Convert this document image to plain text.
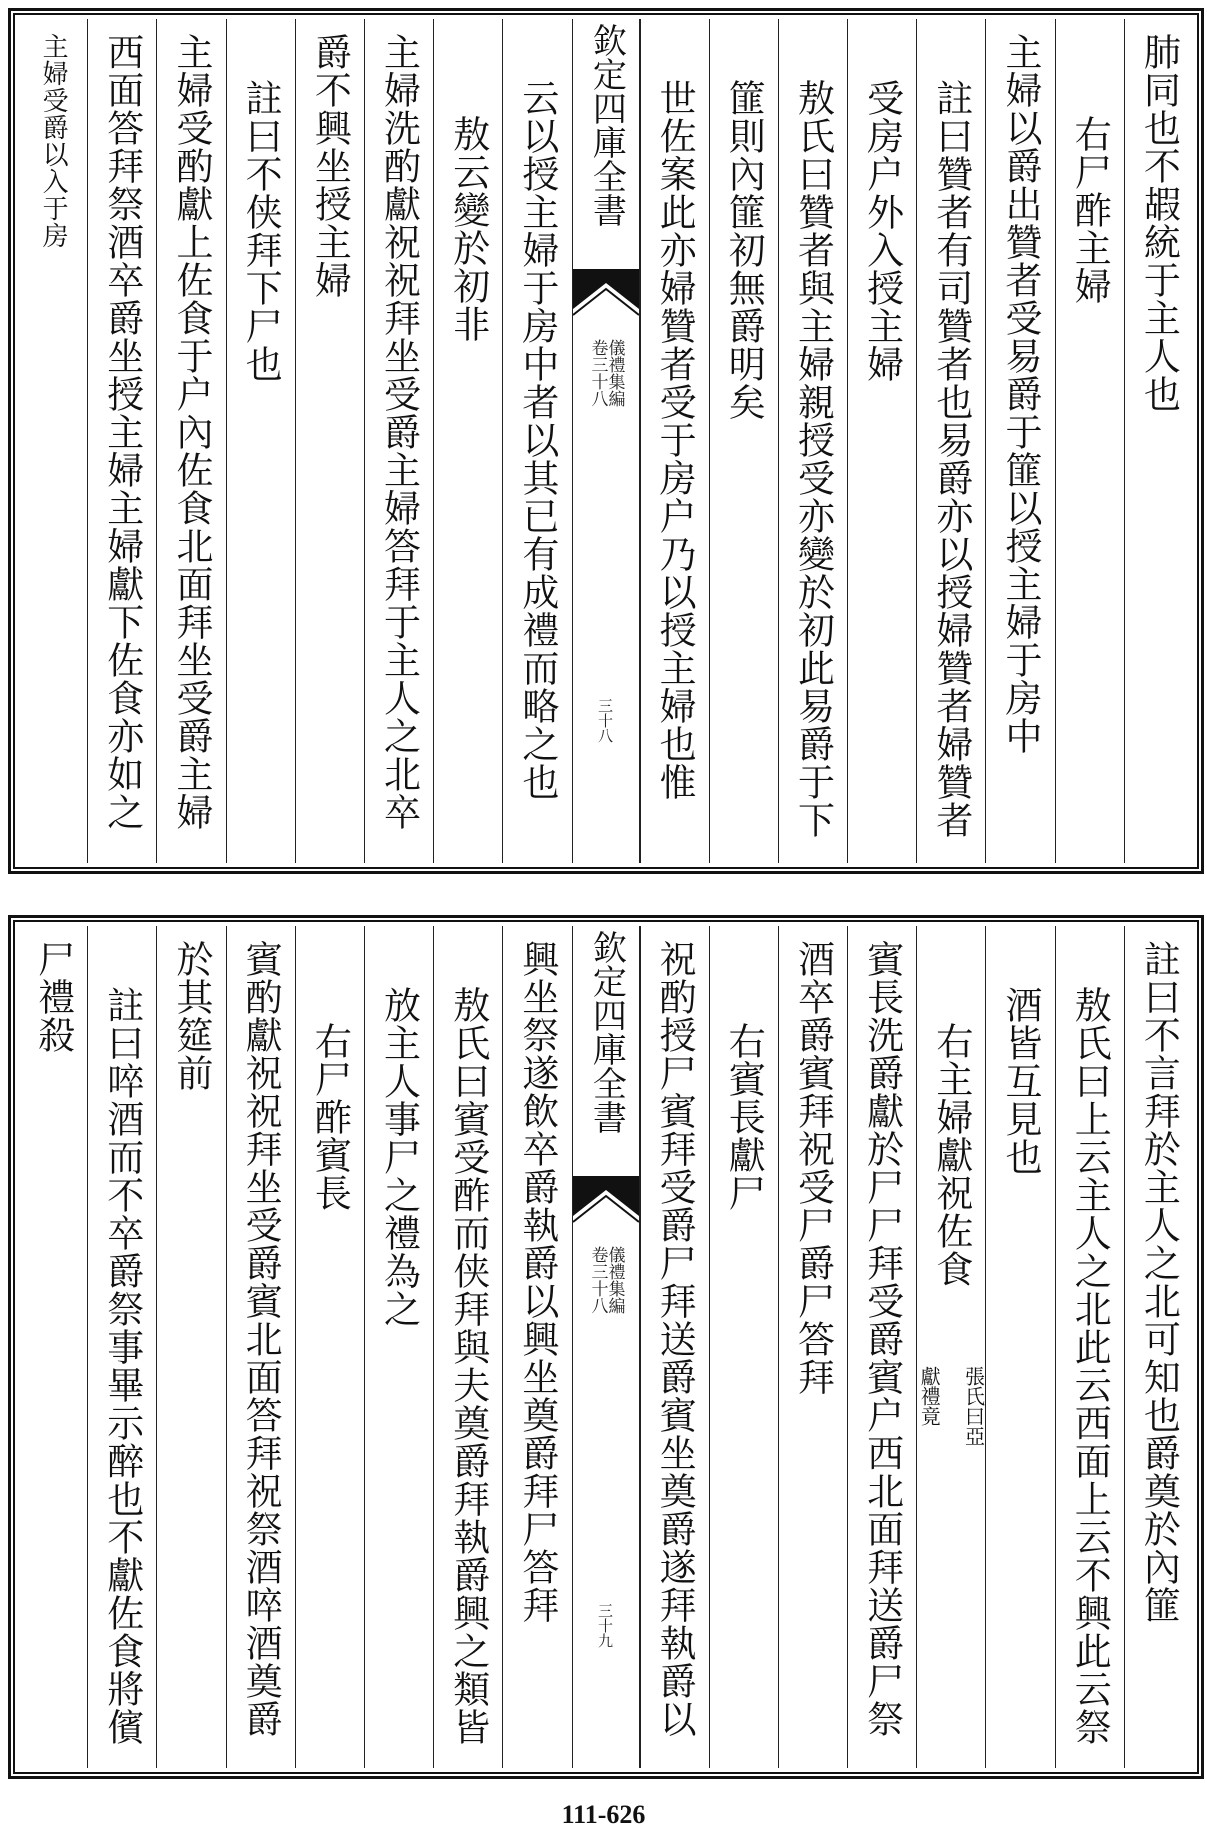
肺同也不嘏統于主人也
右尸酢主婦
主婦以爵出贊者受易爵于篚以授主婦于房中
註曰贊者有司贊者也易爵亦以授婦贊者婦贊者
受房户外入授主婦
敖氏曰贊者與主婦親授受亦變於初此易爵于下
篚則內篚初無爵明矣
世佐案此亦婦贊者受于房户乃以授主婦也惟
欽定四庫全書
儀禮集編
卷三十八
三十八
云以授主婦于房中者以其已有成禮而略之也
敖云變於初非
主婦洗酌獻祝祝拜坐受爵主婦答拜于主人之北卒
爵不興坐授主婦
註曰不侠拜下尸也
主婦受酌獻上佐食于户內佐食北面拜坐受爵主婦
西面答拜祭酒卒爵坐授主婦主婦獻下佐食亦如之
主婦受爵以入于房
註曰不言拜於主人之北可知也爵奠於內篚
敖氏曰上云主人之北此云西面上云不興此云祭
酒皆互見也
右主婦獻祝佐食
張氏曰亞
獻禮竟
賓長洗爵獻於尸尸拜受爵賓户西北面拜送爵尸祭
酒卒爵賓拜祝受尸爵尸答拜
右賓長獻尸
祝酌授尸賓拜受爵尸拜送爵賓坐奠爵遂拜執爵以
欽定四庫全書
儀禮集編
卷三十八
三十九
興坐祭遂飲卒爵執爵以興坐奠爵拜尸答拜
敖氏曰賓受酢而侠拜與夫奠爵拜執爵興之類皆
放主人事尸之禮為之
右尸酢賓長
賓酌獻祝祝拜坐受爵賓北面答拜祝祭酒啐酒奠爵
於其筵前
註曰啐酒而不卒爵祭事畢示醉也不獻佐食將儐
尸禮殺
111-626
